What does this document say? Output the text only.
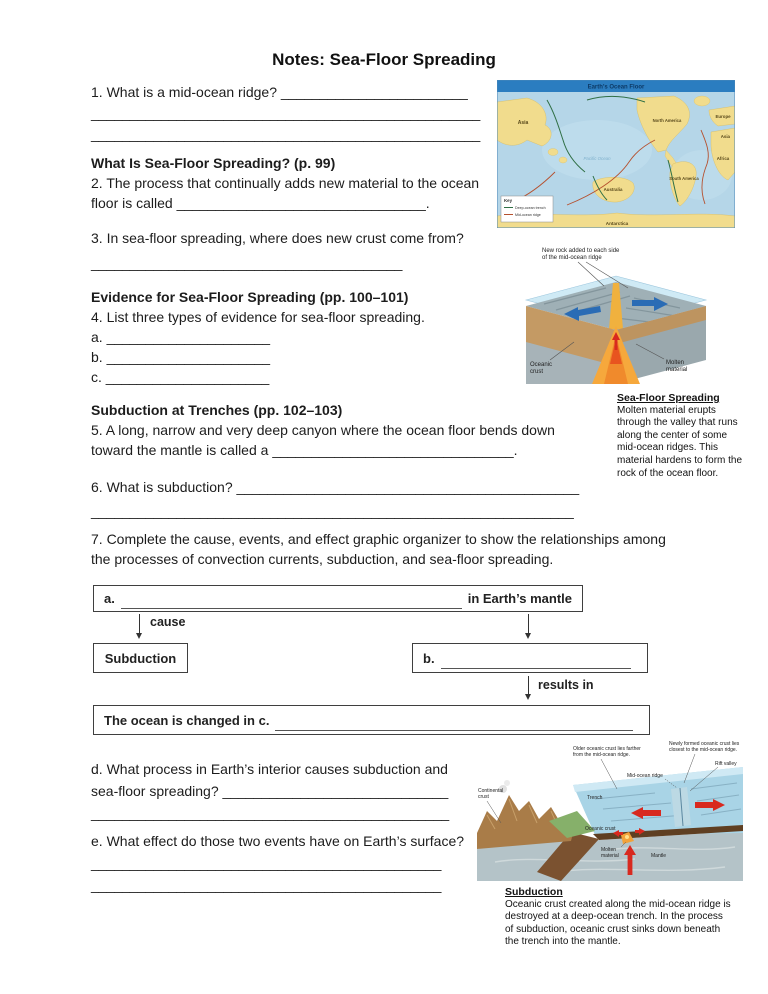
Notes: Sea-Floor Spreading
1. What is a mid-ocean ridge? ________________________
__________________________________________________
__________________________________________________
What Is Sea-Floor Spreading? (p. 99)
2. The process that continually adds new material to the ocean
floor is called ________________________________.
3. In sea-floor spreading, where does new crust come from?
________________________________________
Evidence for Sea-Floor Spreading (pp. 100–101)
4. List three types of evidence for sea-floor spreading.
a. _____________________
b. _____________________
c. _____________________
Subduction at Trenches (pp. 102–103)
5. A long, narrow and very deep canyon where the ocean floor bends down
toward the mantle is called a _______________________________.
6. What is subduction? ____________________________________________
______________________________________________________________
7. Complete the cause, events, and effect graphic organizer to show the relationships among
the processes of convection currents, subduction, and sea-floor spreading.
a.	in Earth’s mantle
cause
Subduction	b.
results in
The ocean is changed in c.
d. What process in Earth’s interior causes subduction and
sea-floor spreading? _____________________________
______________________________________________
e. What effect do those two events have on Earth’s surface?
_____________________________________________
_____________________________________________
Asia
Australia
North America
South America
Europe
Asia
Africa
Antarctica
Pacific Ocean
Key
Deep-ocean trench
Mid-ocean ridge
Earth’s Ocean Floor
New rock added to each side
of the mid-ocean ridge
Oceanic
crust
Molten
material
Sea-Floor Spreading
Molten material erupts through the valley that runs along the center of some mid-ocean ridges. This material hardens to form the rock of the ocean floor.
Older oceanic crust lies farther
from the mid-ocean ridge.
Newly formed oceanic crust lies
closest to the mid-ocean ridge.
Rift valley
Mid-ocean ridge
Trench
Continental
crust
Oceanic crust
Molten
material	Mantle
Subduction
Oceanic crust created along the mid-ocean ridge is destroyed at a deep-ocean trench. In the process of subduction, oceanic crust sinks down beneath the trench into the mantle.
